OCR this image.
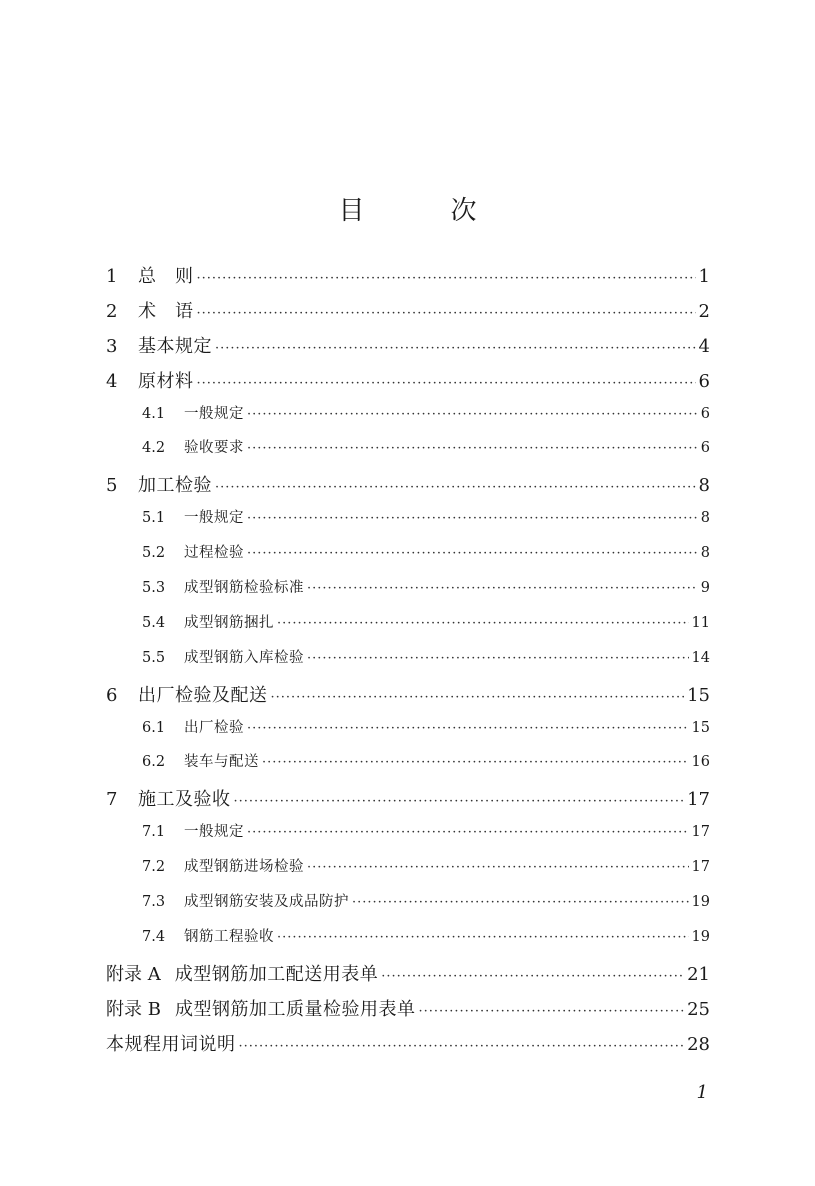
目　次
1	总　则 ·····	1
2	术　语 ·····	2
3	基本规定 ·····	4
4	原材料 ·····	6
4.1	一般规定 ·····	6
4.2	验收要求 ·····	6
5	加工检验 ·····	8
5.1	一般规定 ·····	8
5.2	过程检验 ·····	8
5.3	成型钢筋检验标准 ·····	9
5.4	成型钢筋捆扎 ·····	11
5.5	成型钢筋入库检验 ·····	14
6	出厂检验及配送 ·····	15
6.1	出厂检验 ·····	15
6.2	装车与配送 ·····	16
7	施工及验收 ·····	17
7.1	一般规定 ·····	17
7.2	成型钢筋进场检验 ·····	17
7.3	成型钢筋安装及成品防护 ·····	19
7.4	钢筋工程验收 ·····	19
附录 A 成型钢筋加工配送用表单 ·····	21
附录 B 成型钢筋加工质量检验用表单 ·····	25
本规程用词说明 ·····	28
1
